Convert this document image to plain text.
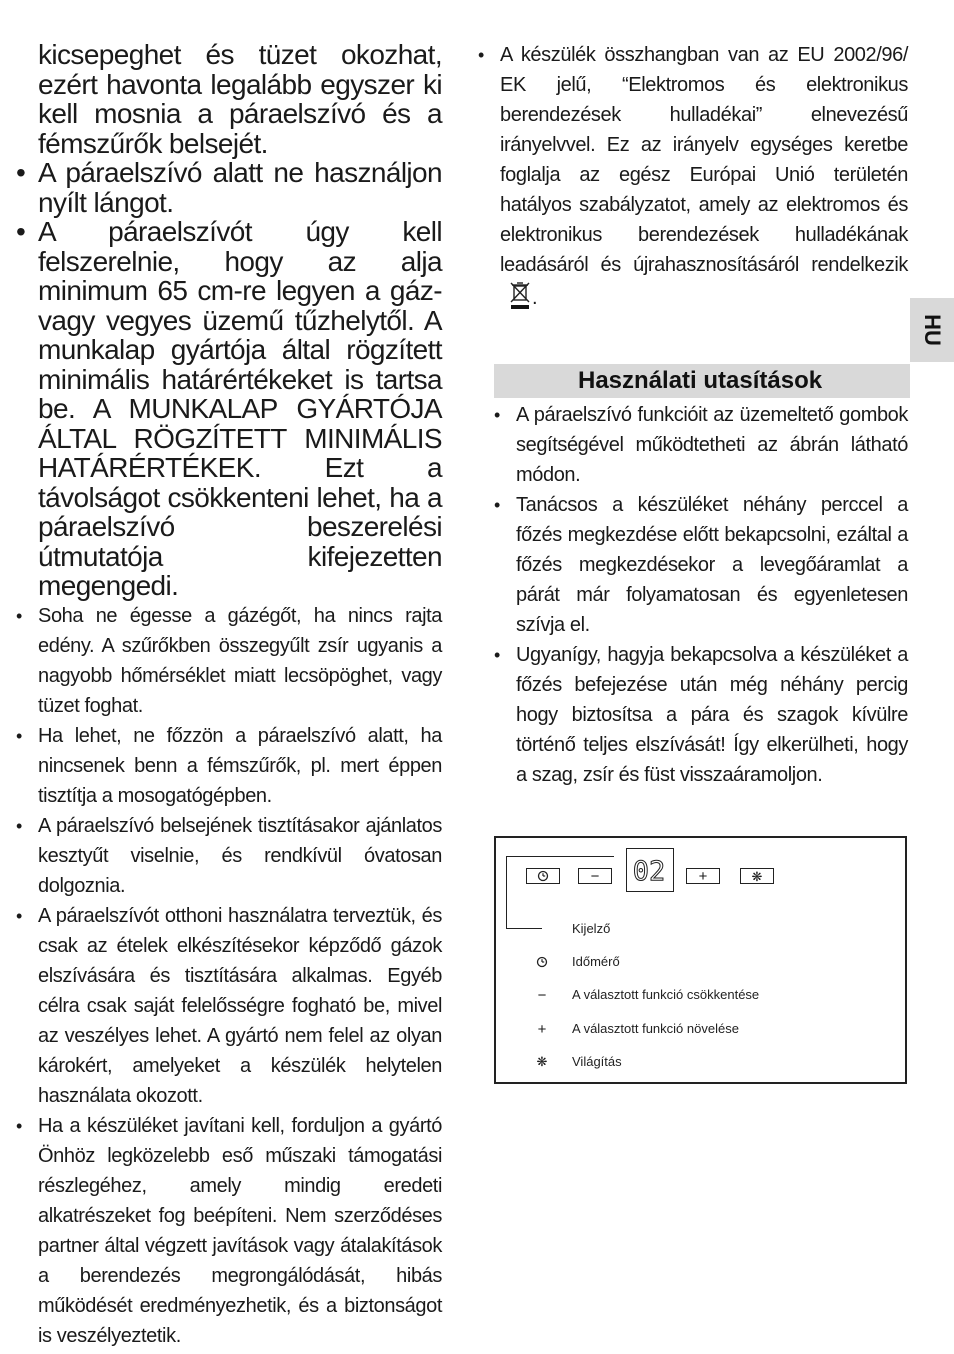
HU

kicsepeghet és tüzet okozhat, ezért havonta legalább egyszer ki kell mosnia a páraelszívó és a fémszűrők belsejét.

• A páraelszívó alatt ne használjon nyílt lángot.
• A páraelszívót úgy kell felszerelnie, hogy az alja minimum 65 cm-re legyen a gáz- vagy vegyes üzemű tűzhelytől. A munkalap gyártója által rögzített minimális határértékeket is tartsa be. A MUNKALAP GYÁRTÓJA ÁLTAL RÖGZÍTETT MINIMÁLIS HATÁRÉRTÉKEK. Ezt a távolságot csökkenteni lehet, ha a páraelszívó beszerelési útmutatója kifejezetten megengedi.
• Soha ne égesse a gázégőt, ha nincs rajta edény. A szűrőkben összegyűlt zsír ugyanis a nagyobb hőmérséklet miatt lecsöpöghet, vagy tüzet foghat.
• Ha lehet, ne főzzön a páraelszívó alatt, ha nincsenek benn a fémszűrők, pl. mert éppen tisztítja a mosogatógépben.
• A páraelszívó belsejének tisztításakor ajánlatos kesztyűt viselnie, és rendkívül óvatosan dolgoznia.
• A páraelszívót otthoni használatra terveztük, és csak az ételek elkészítésekor képződő gázok elszívására és tisztítására alkalmas. Egyéb célra csak saját felelősségre fogható be, mivel az veszélyes lehet. A gyártó nem felel az olyan károkért, amelyeket a készülék helytelen használata okozott.
• Ha a készüléket javítani kell, forduljon a gyártó Önhöz legközelebb eső műszaki támogatási részlegéhez, amely mindig eredeti alkatrészeket fog beépíteni. Nem szerződéses partner által végzett javítások vagy átalakítások a berendezés megrongálódását, hibás működését eredményezhetik, és a biztonságot is veszélyeztetik.
• A készülék összhangban van az EU 2002/96/ EK jelű, “Elektromos és elektronikus berendezések hulladékai” elnevezésű irányelvvel. Ez az irányelv egységes keretbe foglalja az egész Európai Unió területén hatályos szabályzatot, amely az elektromos és elektronikus berendezések hulladékának leadásáról és újrahasznosításáról rendelkezik.
Használati utasítások
• A páraelszívó funkcióit az üzemeltető gombok segítségével működtetheti az ábrán látható módon.
• Tanácsos a készüléket néhány perccel a főzés megkezdése előtt bekapcsolni, ezáltal a főzés megkezdésekor a levegőáramlat a párát már folyamatosan és egyenletesen szívja el.
• Ugyanígy, hagyja bekapcsolva a készüléket a főzés befejezése után még néhány percig hogy biztosítsa a pára és szagok kívülre történő teljes elszívását! Így elkerülheti, hogy a szag, zsír és füst visszaáramoljon.
− 02 +	❋
Kijelző
Időmérő
− A választott funkció csökkentése
+ A választott funkció növelése
❋ Világítás
